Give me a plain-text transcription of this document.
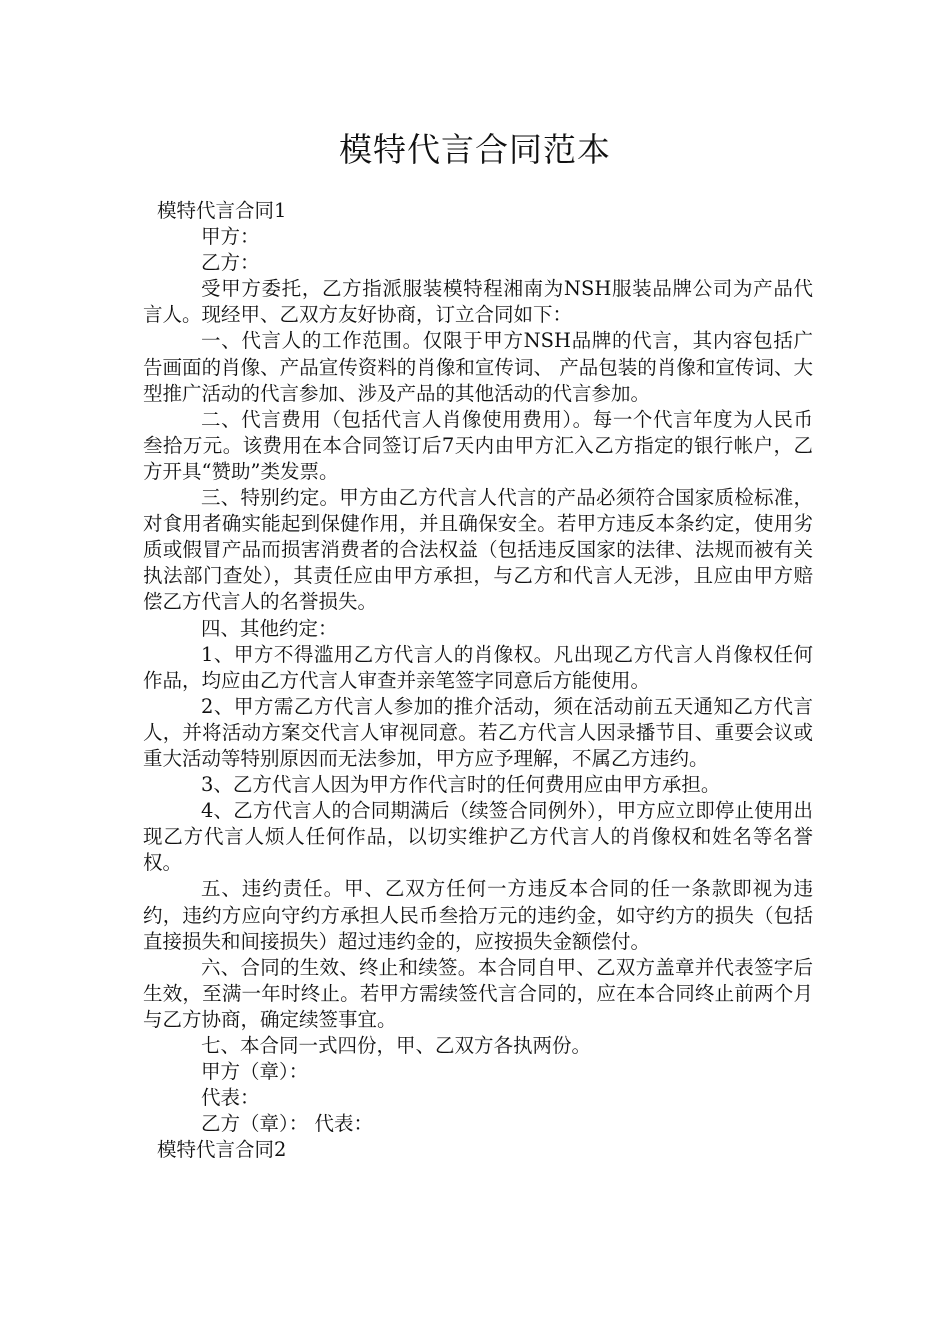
模特代言合同范本

模特代言合同1

甲方：

乙方：

受甲方委托，乙方指派服装模特程湘南为NSH服装品牌公司为产品代言人。现经甲、乙双方友好协商，订立合同如下：

一、代言人的工作范围。仅限于甲方NSH品牌的代言，其内容包括广告画面的肖像、产品宣传资料的肖像和宣传词、 产品包装的肖像和宣传词、大型推广活动的代言参加、涉及产品的其他活动的代言参加。

二、代言费用（包括代言人肖像使用费用）。每一个代言年度为人民币叁拾万元。该费用在本合同签订后7天内由甲方汇入乙方指定的银行帐户，乙方开具“赞助”类发票。

三、特别约定。甲方由乙方代言人代言的产品必须符合国家质检标准，对食用者确实能起到保健作用，并且确保安全。若甲方违反本条约定，使用劣质或假冒产品而损害消费者的合法权益（包括违反国家的法律、法规而被有关执法部门查处），其责任应由甲方承担，与乙方和代言人无涉，且应由甲方赔偿乙方代言人的名誉损失。

四、其他约定：

1、甲方不得滥用乙方代言人的肖像权。凡出现乙方代言人肖像权任何作品，均应由乙方代言人审查并亲笔签字同意后方能使用。

2、甲方需乙方代言人参加的推介活动，须在活动前五天通知乙方代言人，并将活动方案交代言人审视同意。若乙方代言人因录播节目、重要会议或重大活动等特别原因而无法参加，甲方应予理解，不属乙方违约。

3、乙方代言人因为甲方作代言时的任何费用应由甲方承担。

4、乙方代言人的合同期满后（续签合同例外），甲方应立即停止使用出现乙方代言人烦人任何作品，以切实维护乙方代言人的肖像权和姓名等名誉权。

五、违约责任。甲、乙双方任何一方违反本合同的任一条款即视为违约，违约方应向守约方承担人民币叁拾万元的违约金，如守约方的损失（包括直接损失和间接损失）超过违约金的，应按损失金额偿付。

六、合同的生效、终止和续签。本合同自甲、乙双方盖章并代表签字后生效，至满一年时终止。若甲方需续签代言合同的，应在本合同终止前两个月与乙方协商，确定续签事宜。

七、本合同一式四份，甲、乙双方各执两份。

甲方（章）：

代表：

乙方（章）： 代表：

模特代言合同2
